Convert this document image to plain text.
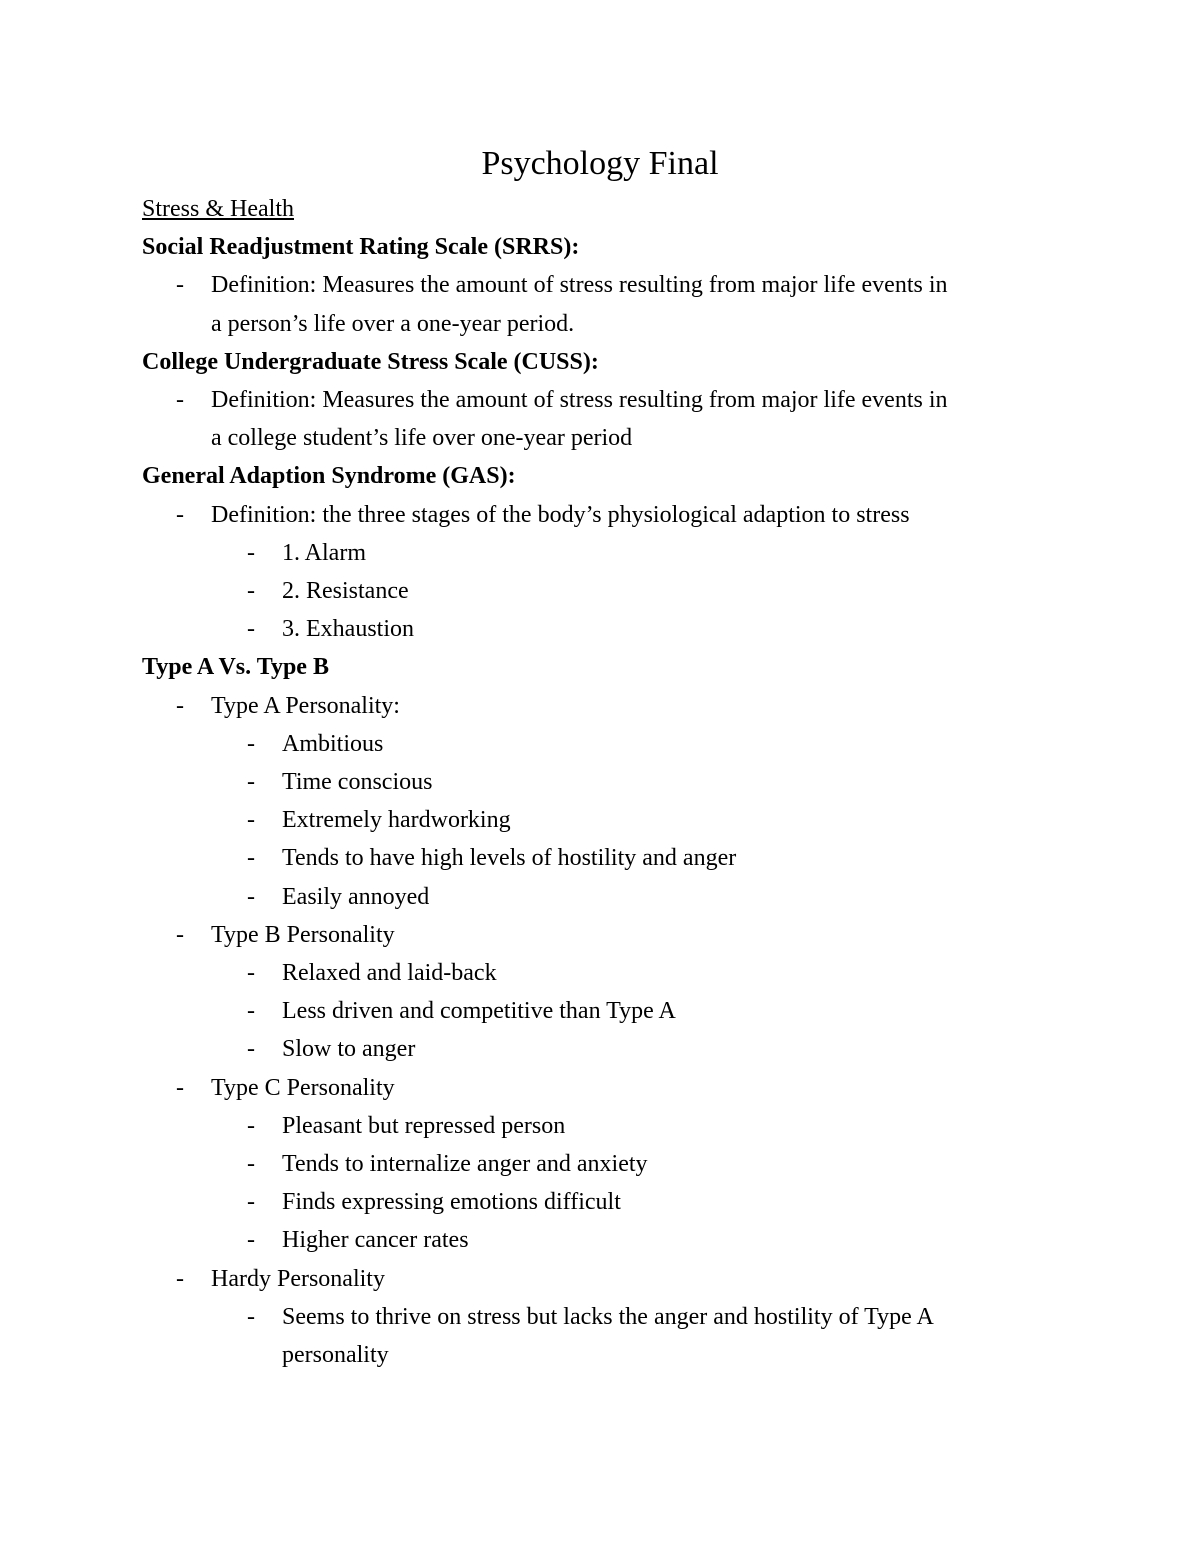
Psychology Final
Stress & Health
Social Readjustment Rating Scale (SRRS):
- Definition: Measures the amount of stress resulting from major life events in
a person’s life over a one-year period.
College Undergraduate Stress Scale (CUSS):
- Definition: Measures the amount of stress resulting from major life events in
a college student’s life over one-year period
General Adaption Syndrome (GAS):
- Definition: the three stages of the body’s physiological adaption to stress
- 1. Alarm
- 2. Resistance
- 3. Exhaustion
Type A Vs. Type B
- Type A Personality:
- Ambitious
- Time conscious
- Extremely hardworking
- Tends to have high levels of hostility and anger
- Easily annoyed
- Type B Personality
- Relaxed and laid-back
- Less driven and competitive than Type A
- Slow to anger
- Type C Personality
- Pleasant but repressed person
- Tends to internalize anger and anxiety
- Finds expressing emotions difficult
- Higher cancer rates
- Hardy Personality
- Seems to thrive on stress but lacks the anger and hostility of Type A
personality
